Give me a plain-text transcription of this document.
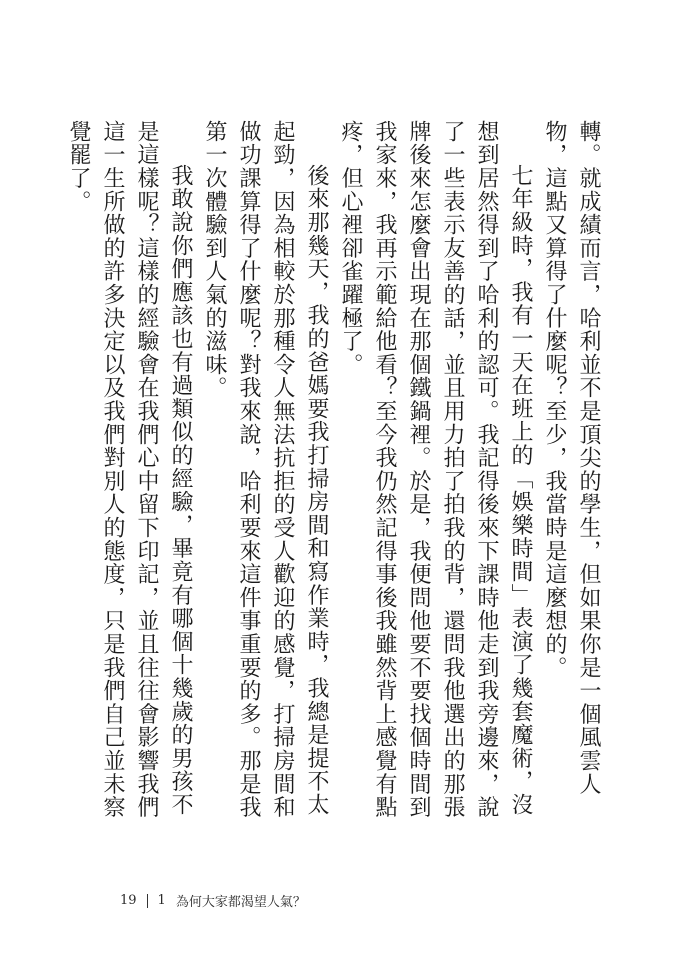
轉。就成績而言，哈利並不是頂尖的學生，但如果你是一個風雲人物，這點又算得了什麼呢？至少，我當時是這麼想的。

七年級時，我有一天在班上的「娛樂時間」表演了幾套魔術，沒想到居然得到了哈利的認可。我記得後來下課時他走到我旁邊來，說了一些表示友善的話，並且用力拍了拍我的背，還問我他選出的那張牌後來怎麼會出現在那個鐵鍋裡。於是，我便問他要不要找個時間到我家來，我再示範給他看？至今我仍然記得事後我雖然背上感覺有點疼，但心裡卻雀躍極了。

後來那幾天，我的爸媽要我打掃房間和寫作業時，我總是提不太起勁，因為相較於那種令人無法抗拒的受人歡迎的感覺，打掃房間和做功課算得了什麼呢？對我來說，哈利要來這件事重要的多。那是我第一次體驗到人氣的滋味。

我敢說你們應該也有過類似的經驗，畢竟有哪個十幾歲的男孩不是這樣呢？這樣的經驗會在我們心中留下印記，並且往往會影響我們這一生所做的許多決定以及我們對別人的態度，只是我們自己並未察覺罷了。

19 1 為何大家都渴望人氣？
